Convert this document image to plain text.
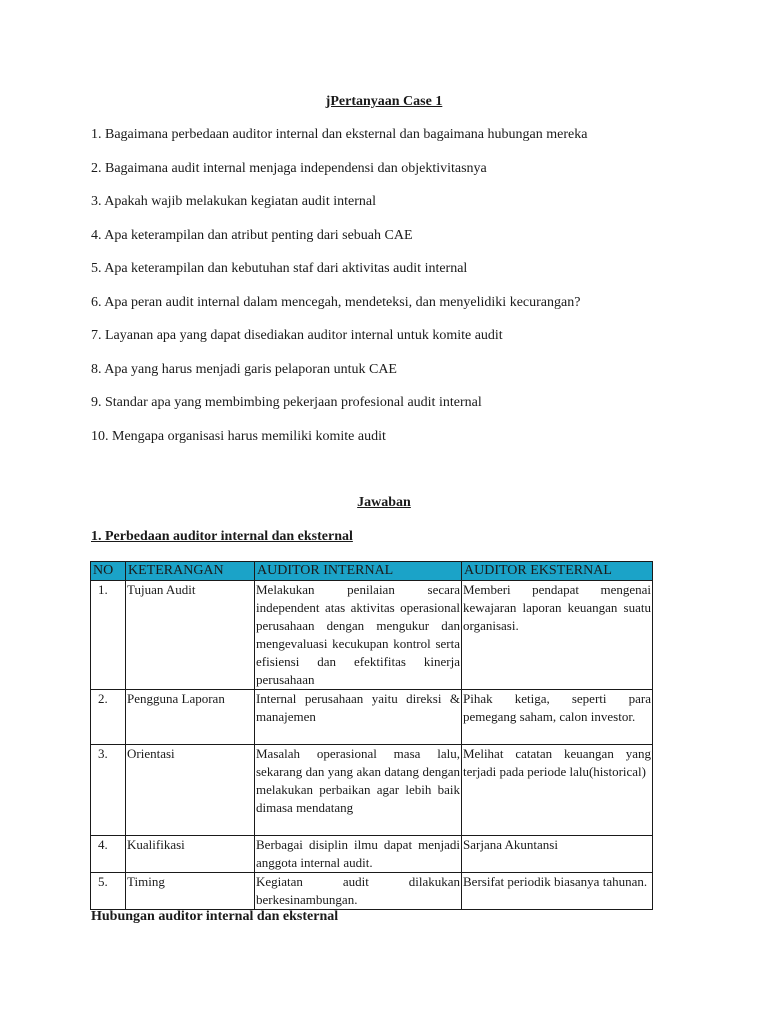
jPertanyaan Case 1
1. Bagaimana perbedaan auditor internal dan eksternal dan bagaimana hubungan mereka
2. Bagaimana audit internal menjaga independensi dan objektivitasnya
3. Apakah wajib melakukan kegiatan audit internal
4. Apa keterampilan dan atribut penting dari sebuah CAE
5. Apa keterampilan dan kebutuhan staf dari aktivitas audit internal
6. Apa peran audit internal dalam mencegah, mendeteksi, dan menyelidiki kecurangan?
7. Layanan apa yang dapat disediakan auditor internal untuk komite audit
8. Apa yang harus menjadi garis pelaporan untuk CAE
9. Standar apa yang membimbing pekerjaan profesional audit internal
10. Mengapa organisasi harus memiliki komite audit
Jawaban
1. Perbedaan auditor internal dan eksternal
NO	KETERANGAN	AUDITOR INTERNAL	AUDITOR EKSTERNAL
1.	Tujuan Audit	Melakukan penilaian secara independent atas aktivitas operasional perusahaan dengan mengukur dan mengevaluasi kecukupan kontrol serta efisiensi dan efektifitas kinerja perusahaan	Memberi pendapat mengenai kewajaran laporan keuangan suatu organisasi.
2.	Pengguna Laporan	Internal perusahaan yaitu direksi & manajemen	Pihak ketiga, seperti para pemegang saham, calon investor.
3.	Orientasi	Masalah operasional masa lalu, sekarang dan yang akan datang dengan melakukan perbaikan agar lebih baik dimasa mendatang	Melihat catatan keuangan yang terjadi pada periode lalu(historical)
4.	Kualifikasi	Berbagai disiplin ilmu dapat menjadi anggota internal audit.	Sarjana Akuntansi
5.	Timing	Kegiatan audit dilakukan berkesinambungan.	Bersifat periodik biasanya tahunan.
Hubungan auditor internal dan eksternal
